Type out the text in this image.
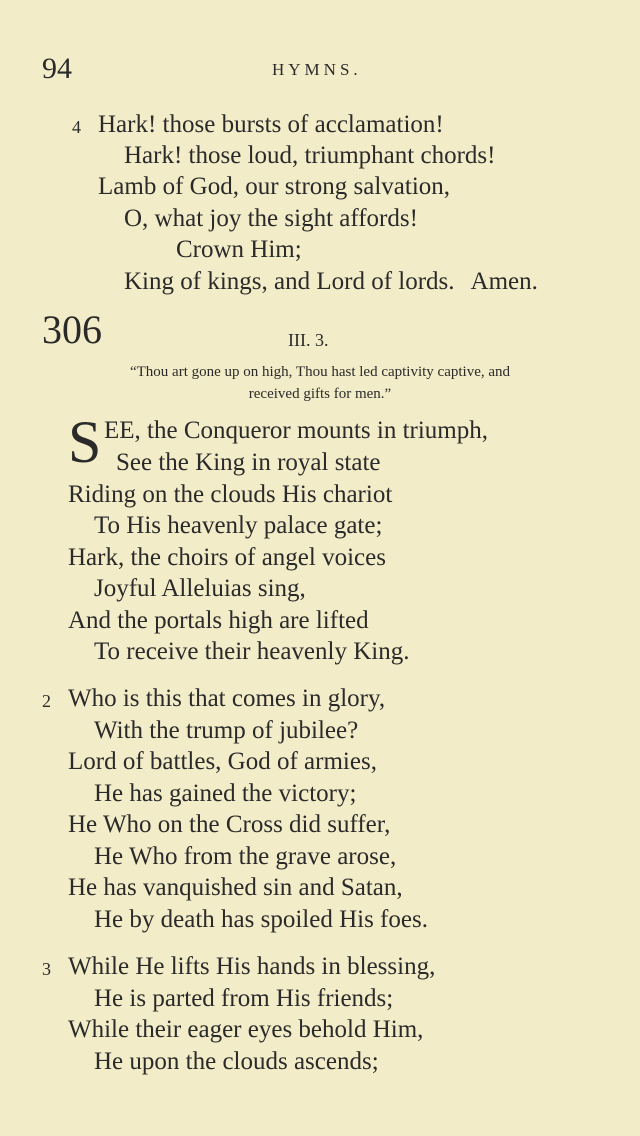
94	HYMNS.
4 Hark! those bursts of acclamation!
Hark! those loud, triumphant chords!
Lamb of God, our strong salvation,
O, what joy the sight affords!
Crown Him;
King of kings, and Lord of lords. Amen.
306	III. 3.
“Thou art gone up on high, Thou hast led captivity captive, and
received gifts for men.”
S EE, the Conqueror mounts in triumph,
See the King in royal state
Riding on the clouds His chariot
To His heavenly palace gate;
Hark, the choirs of angel voices
Joyful Alleluias sing,
And the portals high are lifted
To receive their heavenly King.
2 Who is this that comes in glory,
With the trump of jubilee?
Lord of battles, God of armies,
He has gained the victory;
He Who on the Cross did suffer,
He Who from the grave arose,
He has vanquished sin and Satan,
He by death has spoiled His foes.
3 While He lifts His hands in blessing,
He is parted from His friends;
While their eager eyes behold Him,
He upon the clouds ascends;
